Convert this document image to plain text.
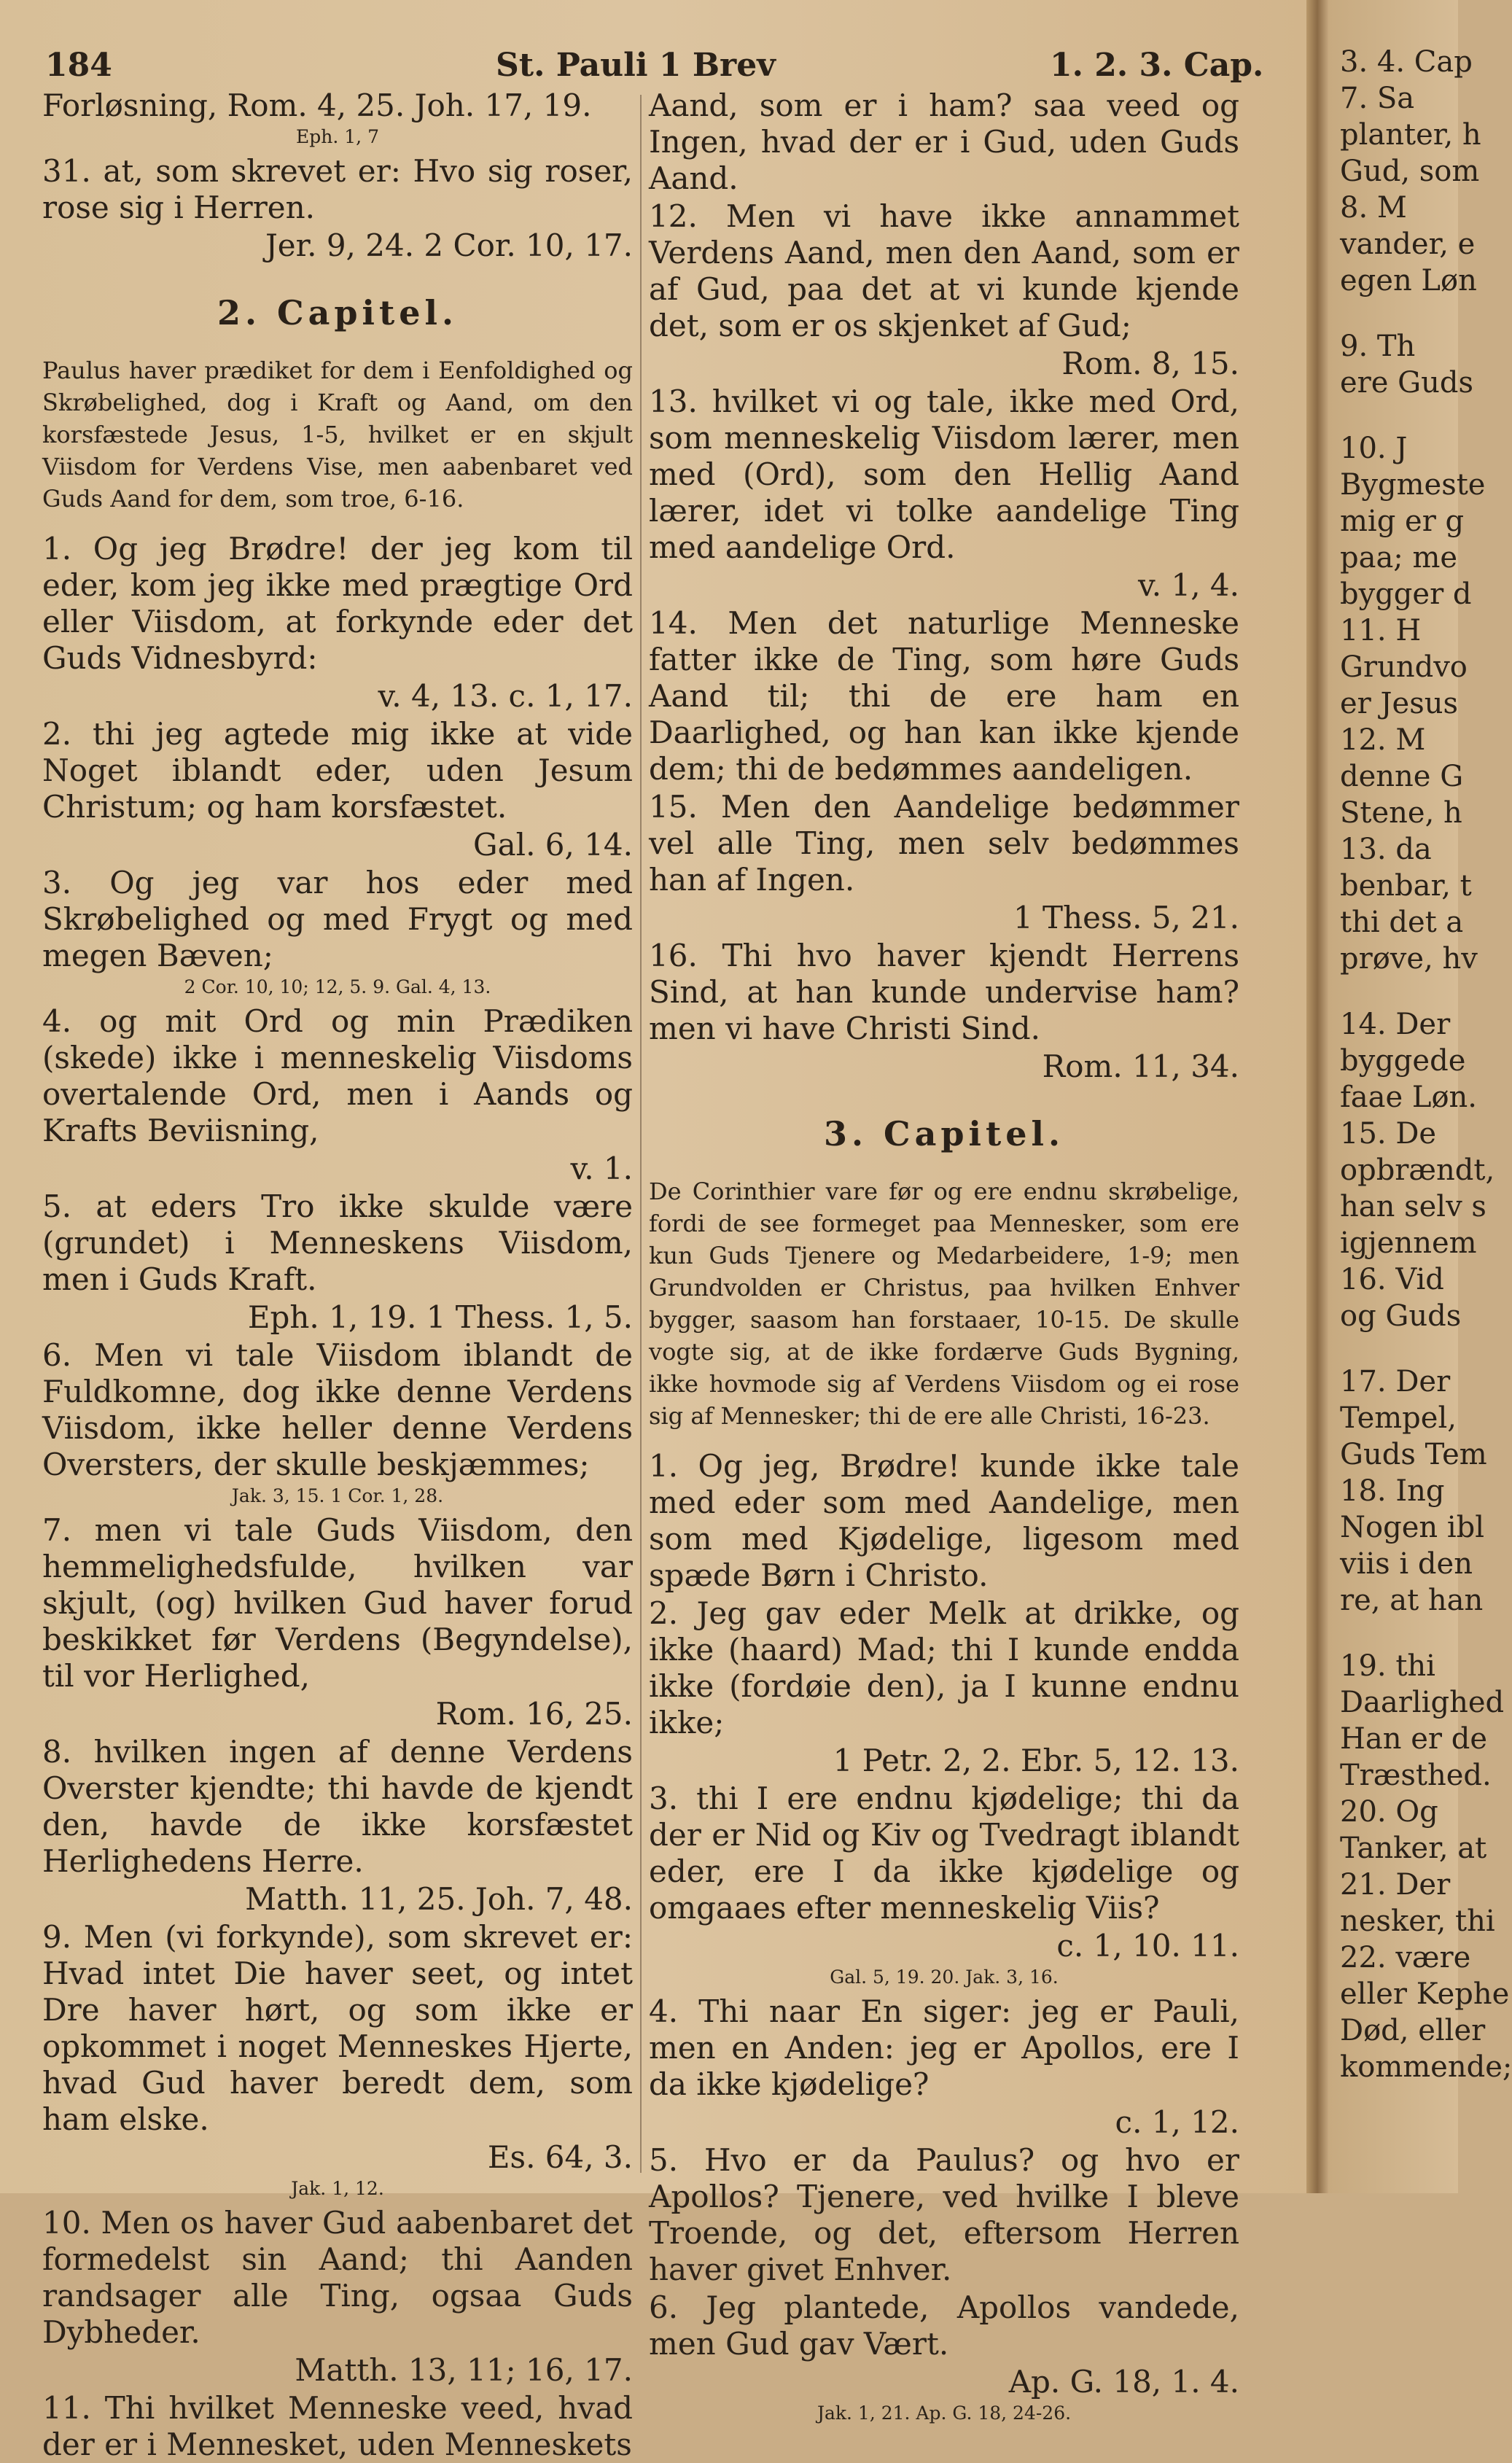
184	St. Pauli 1 Brev	1. 2. 3. Cap.
Forløsning, Rom. 4, 25. Joh. 17, 19.
Eph. 1, 7
31. at, som skrevet er: Hvo sig roser, rose sig i Herren.
Jer. 9, 24. 2 Cor. 10, 17.
2. Capitel.
Paulus haver prædiket for dem i Eenfoldighed og Skrøbelighed, dog i Kraft og Aand, om den korsfæstede Jesus, 1-5, hvilket er en skjult Viisdom for Verdens Vise, men aabenbaret ved Guds Aand for dem, som troe, 6-16.
1. Og jeg Brødre! der jeg kom til eder, kom jeg ikke med prægtige Ord eller Viisdom, at forkynde eder det Guds Vidnesbyrd:
v. 4, 13. c. 1, 17.
2. thi jeg agtede mig ikke at vide Noget iblandt eder, uden Jesum Christum; og ham korsfæstet.
Gal. 6, 14.
3. Og jeg var hos eder med Skrøbelighed og med Frygt og med megen Bæven;
2 Cor. 10, 10; 12, 5. 9. Gal. 4, 13.
4. og mit Ord og min Prædiken (skede) ikke i menneskelig Viisdoms overtalende Ord, men i Aands og Krafts Beviisning,
v. 1.
5. at eders Tro ikke skulde være (grundet) i Menneskens Viisdom, men i Guds Kraft.
Eph. 1, 19. 1 Thess. 1, 5.
6. Men vi tale Viisdom iblandt de Fuldkomne, dog ikke denne Verdens Viisdom, ikke heller denne Verdens Oversters, der skulle beskjæmmes;
Jak. 3, 15. 1 Cor. 1, 28.
7. men vi tale Guds Viisdom, den hemmelighedsfulde, hvilken var skjult, (og) hvilken Gud haver forud beskikket før Verdens (Begyndelse), til vor Herlighed,
Rom. 16, 25.
8. hvilken ingen af denne Verdens Overster kjendte; thi havde de kjendt den, havde de ikke korsfæstet Herlighedens Herre.
Matth. 11, 25. Joh. 7, 48.
9. Men (vi forkynde), som skrevet er: Hvad intet Die haver seet, og intet Dre haver hørt, og som ikke er opkommet i noget Menneskes Hjerte, hvad Gud haver beredt dem, som ham elske.
Es. 64, 3.
Jak. 1, 12.
10. Men os haver Gud aabenbaret det formedelst sin Aand; thi Aanden randsager alle Ting, ogsaa Guds Dybheder.
Matth. 13, 11; 16, 17.
11. Thi hvilket Menneske veed, hvad der er i Mennesket, uden Menneskets
Aand, som er i ham? saa veed og Ingen, hvad der er i Gud, uden Guds Aand.
12. Men vi have ikke annammet Verdens Aand, men den Aand, som er af Gud, paa det at vi kunde kjende det, som er os skjenket af Gud;
Rom. 8, 15.
13. hvilket vi og tale, ikke med Ord, som menneskelig Viisdom lærer, men med (Ord), som den Hellig Aand lærer, idet vi tolke aandelige Ting med aandelige Ord.
v. 1, 4.
14. Men det naturlige Menneske fatter ikke de Ting, som høre Guds Aand til; thi de ere ham en Daarlighed, og han kan ikke kjende dem; thi de bedømmes aandeligen.
15. Men den Aandelige bedømmer vel alle Ting, men selv bedømmes han af Ingen.
1 Thess. 5, 21.
16. Thi hvo haver kjendt Herrens Sind, at han kunde undervise ham? men vi have Christi Sind.
Rom. 11, 34.
3. Capitel.
De Corinthier vare før og ere endnu skrøbelige, fordi de see formeget paa Mennesker, som ere kun Guds Tjenere og Medarbeidere, 1-9; men Grundvolden er Christus, paa hvilken Enhver bygger, saasom han forstaaer, 10-15. De skulle vogte sig, at de ikke fordærve Guds Bygning, ikke hovmode sig af Verdens Viisdom og ei rose sig af Mennesker; thi de ere alle Christi, 16-23.
1. Og jeg, Brødre! kunde ikke tale med eder som med Aandelige, men som med Kjødelige, ligesom med spæde Børn i Christo.
2. Jeg gav eder Melk at drikke, og ikke (haard) Mad; thi I kunde endda ikke (fordøie den), ja I kunne endnu ikke;
1 Petr. 2, 2. Ebr. 5, 12. 13.
3. thi I ere endnu kjødelige; thi da der er Nid og Kiv og Tvedragt iblandt eder, ere I da ikke kjødelige og omgaaes efter menneskelig Viis?
c. 1, 10. 11.
Gal. 5, 19. 20. Jak. 3, 16.
4. Thi naar En siger: jeg er Pauli, men en Anden: jeg er Apollos, ere I da ikke kjødelige?
c. 1, 12.
5. Hvo er da Paulus? og hvo er Apollos? Tjenere, ved hvilke I bleve Troende, og det, eftersom Herren haver givet Enhver.
6. Jeg plantede, Apollos vandede, men Gud gav Vært.
Ap. G. 18, 1. 4.
Jak. 1, 21. Ap. G. 18, 24-26.
3. 4. Cap
7. Sa
planter, h
Gud, som
8. M
vander, e
egen Løn
9. Th
ere Guds
10. J
Bygmeste
mig er g
paa; me
bygger d
11. H
Grundvo
er Jesus
12. M
denne G
Stene, h
13. da
benbar, t
thi det a
prøve, hv
14. Der
byggede
faae Løn.
15. De
opbrændt,
han selv s
igjennem
16. Vid
og Guds
17. Der
Tempel,
Guds Tem
18. Ing
Nogen ibl
viis i den
re, at han
19. thi
Daarlighed
Han er de
Træsthed.
20. Og
Tanker, at
21. Der
nesker, thi
22. være
eller Kephe
Død, eller
kommende;
